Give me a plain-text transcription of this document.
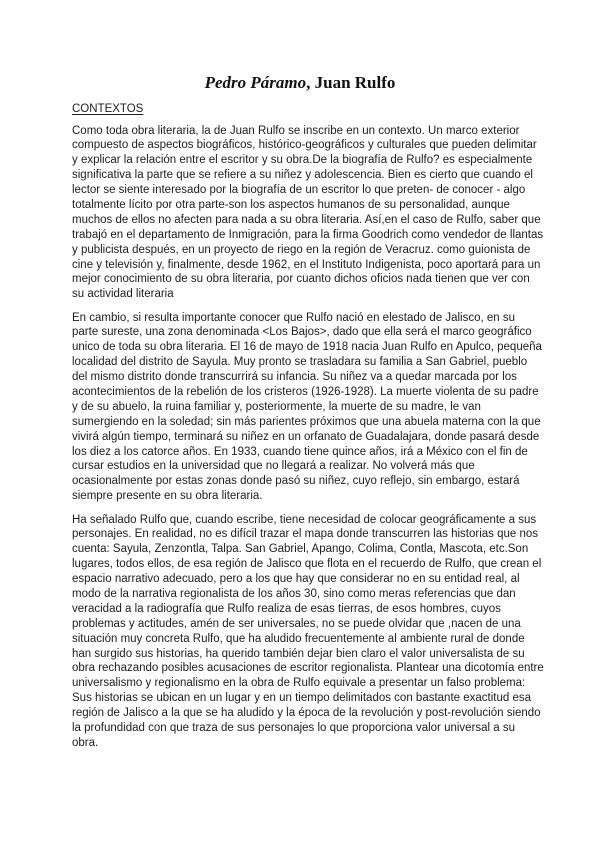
Pedro Páramo, Juan Rulfo
CONTEXTOS
Como toda obra literaria, la de Juan Rulfo se inscribe en un contexto. Un marco exterior
compuesto de aspectos biográficos, histórico-geográficos y culturales que pueden delimitar
y explicar la relación entre el escritor y su obra.De la biografía de Rulfo? es especialmente
significativa la parte que se refiere a su niñez y adolescencia. Bien es cierto que cuando el
lector se siente interesado por la biografía de un escritor lo que preten- de conocer - algo
totalmente lícito por otra parte-son los aspectos humanos de su personalidad, aunque
muchos de ellos no afecten para nada a su obra literaria. Así,en el caso de Rulfo, saber que
trabajó en el departamento de Inmigración, para la firma Goodrich como vendedor de llantas
y publicista después, en un proyecto de riego en la región de Veracruz. como guionista de
cine y televisión y, finalmente, desde 1962, en el Instituto Indigenista, poco aportará para un
mejor conocimiento de su obra literaria, por cuanto dichos oficios nada tienen que ver con
su actividad literaria
En cambio, si resulta importante conocer que Rulfo nació en elestado de Jalisco, en su
parte sureste, una zona denominada <Los Bajos>, dado que ella será el marco geográfico
unico de toda su obra literaria. El 16 de mayo de 1918 nacia Juan Rulfo en Apulco, pequeña
localidad del distrito de Sayula. Muy pronto se trasladara su familia a San Gabriel, pueblo
del mismo distrito donde transcurrirá su infancia. Su niñez va a quedar marcada por los
acontecimientos de la rebelión de los cristeros (1926-1928). La muerte violenta de su padre
y de su abuelo, la ruina familiar y, posteriormente, la muerte de su madre, le van
sumergiendo en la soledad; sin más parientes próximos que una abuela materna con la que
vivirá algún tiempo, terminará su niñez en un orfanato de Guadalajara, donde pasará desde
los diez a los catorce años. En 1933, cuando tiene quince años, irá a México con el fin de
cursar estudios en la universidad que no llegará a realizar. No volverá más que
ocasionalmente por estas zonas donde pasó su niñez, cuyo reflejo, sin embargo, estará
siempre presente en su obra literaria.
Ha señalado Rulfo que, cuando escribe, tiene necesidad de colocar geográficamente a sus
personajes. En realidad, no es difícil trazar el mapa donde transcurren las historias que nos
cuenta: Sayula, Zenzontla, Talpa. San Gabriel, Apango, Colima, Contla, Mascota, etc.Son
lugares, todos ellos, de esa región de Jalisco que flota en el recuerdo de Rulfo, que crean el
espacio narrativo adecuado, pero a los que hay que considerar no en su entidad real, al
modo de la narrativa regionalista de los años 30, sino como meras referencias que dan
veracidad a la radiografía que Rulfo realiza de esas tierras, de esos hombres, cuyos
problemas y actitudes, amén de ser universales, no se puede olvidar que ,nacen de una
situación muy concreta Rulfo, que ha aludido frecuentemente al ambiente rural de donde
han surgido sus historias, ha querido también dejar bien claro el valor universalista de su
obra rechazando posibles acusaciones de escritor regionalista. Plantear una dicotomía entre
universalismo y regionalismo en la obra de Rulfo equivale a presentar un falso problema:
Sus historias se ubican en un lugar y en un tiempo delimitados con bastante exactitud esa
región de Jalisco a la que se ha aludido y la época de la revolución y post-revolución siendo
la profundidad con que traza de sus personajes lo que proporciona valor universal a su
obra.
